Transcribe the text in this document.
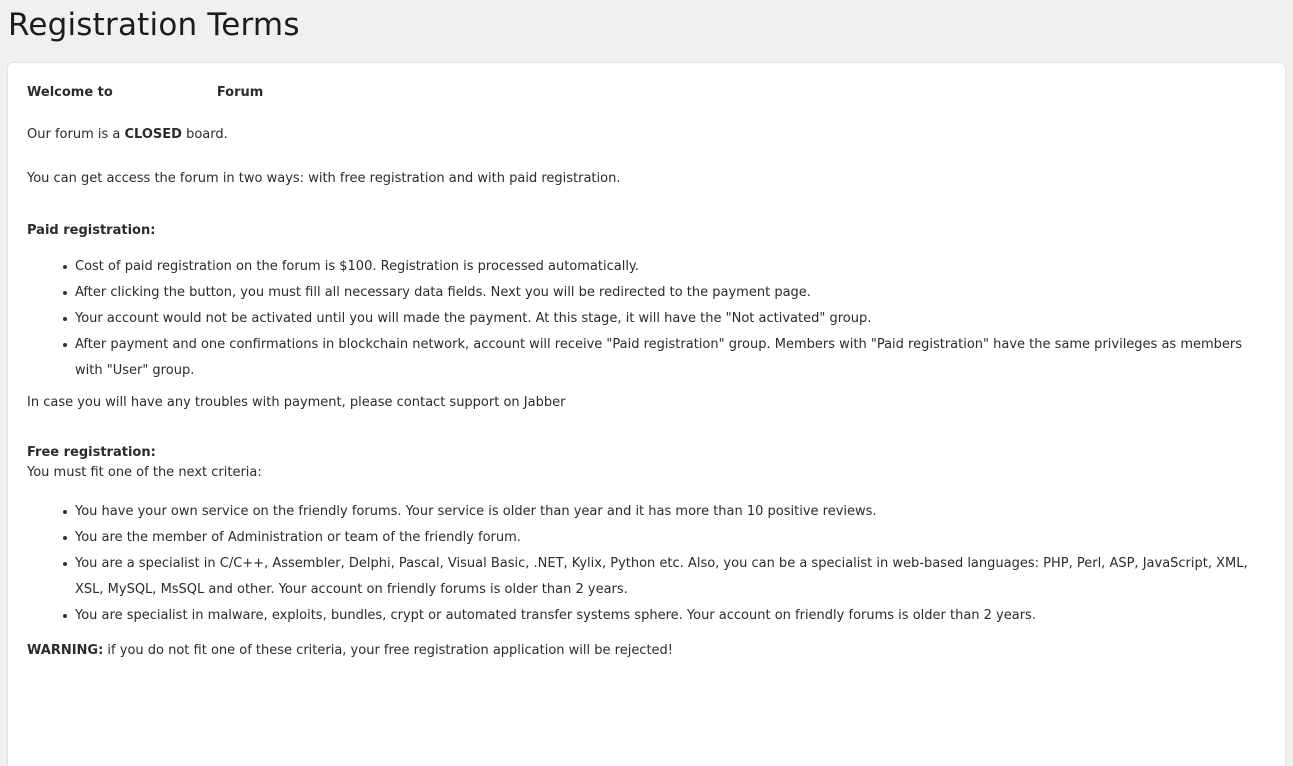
Registration Terms

Welcome to	Forum

Our forum is a CLOSED board.

You can get access the forum in two ways: with free registration and with paid registration.

Paid registration:

Cost of paid registration on the forum is $100. Registration is processed automatically.
After clicking the button, you must fill all necessary data fields. Next you will be redirected to the payment page.
Your account would not be activated until you will made the payment. At this stage, it will have the "Not activated" group.
After payment and one confirmations in blockchain network, account will receive "Paid registration" group. Members with "Paid registration" have the same privileges as members with "User" group.

In case you will have any troubles with payment, please contact support on Jabber

Free registration:

You must fit one of the next criteria:

You have your own service on the friendly forums. Your service is older than year and it has more than 10 positive reviews.
You are the member of Administration or team of the friendly forum.
You are a specialist in C/C++, Assembler, Delphi, Pascal, Visual Basic, .NET, Kylix, Python etc. Also, you can be a specialist in web-based languages: PHP, Perl, ASP, JavaScript, XML, XSL, MySQL, MsSQL and other. Your account on friendly forums is older than 2 years.
You are specialist in malware, exploits, bundles, crypt or automated transfer systems sphere. Your account on friendly forums is older than 2 years.

WARNING: if you do not fit one of these criteria, your free registration application will be rejected!
